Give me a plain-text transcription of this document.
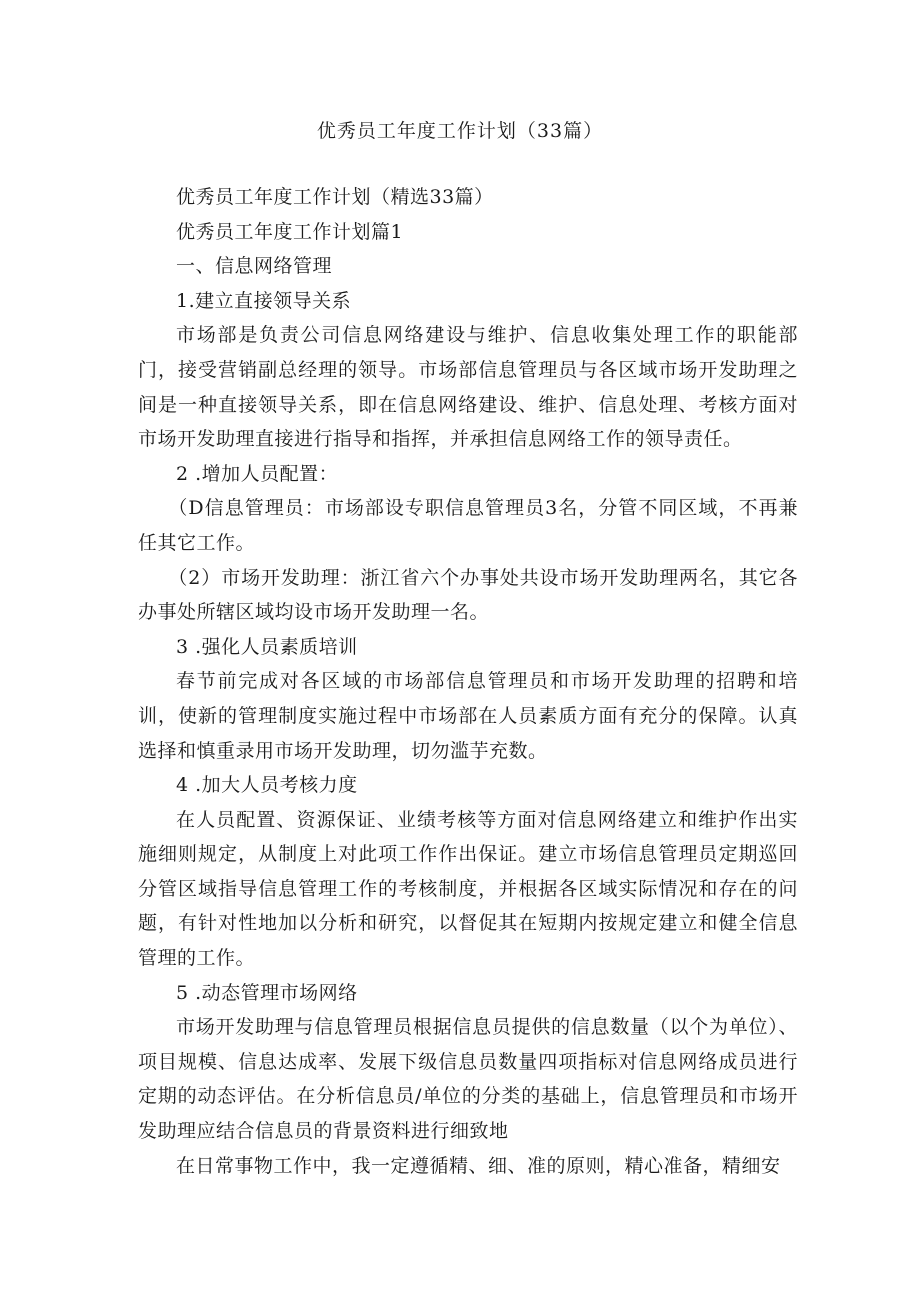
优秀员工年度工作计划（33篇）

优秀员工年度工作计划（精选33篇）

优秀员工年度工作计划篇1

一、信息网络管理

1.建立直接领导关系

市场部是负责公司信息网络建设与维护、信息收集处理工作的职能部门，接受营销副总经理的领导。市场部信息管理员与各区域市场开发助理之间是一种直接领导关系，即在信息网络建设、维护、信息处理、考核方面对市场开发助理直接进行指导和指挥，并承担信息网络工作的领导责任。

2 .增加人员配置：

（D信息管理员：市场部设专职信息管理员3名，分管不同区域，不再兼任其它工作。

（2）市场开发助理：浙江省六个办事处共设市场开发助理两名，其它各办事处所辖区域均设市场开发助理一名。

3 .强化人员素质培训

春节前完成对各区域的市场部信息管理员和市场开发助理的招聘和培训，使新的管理制度实施过程中市场部在人员素质方面有充分的保障。认真选择和慎重录用市场开发助理，切勿滥芋充数。

4 .加大人员考核力度

在人员配置、资源保证、业绩考核等方面对信息网络建立和维护作出实施细则规定，从制度上对此项工作作出保证。建立市场信息管理员定期巡回分管区域指导信息管理工作的考核制度，并根据各区域实际情况和存在的问题，有针对性地加以分析和研究，以督促其在短期内按规定建立和健全信息管理的工作。

5 .动态管理市场网络

市场开发助理与信息管理员根据信息员提供的信息数量（以个为单位）、项目规模、信息达成率、发展下级信息员数量四项指标对信息网络成员进行定期的动态评估。在分析信息员/单位的分类的基础上，信息管理员和市场开发助理应结合信息员的背景资料进行细致地

在日常事物工作中，我一定遵循精、细、准的原则，精心准备，精细安
